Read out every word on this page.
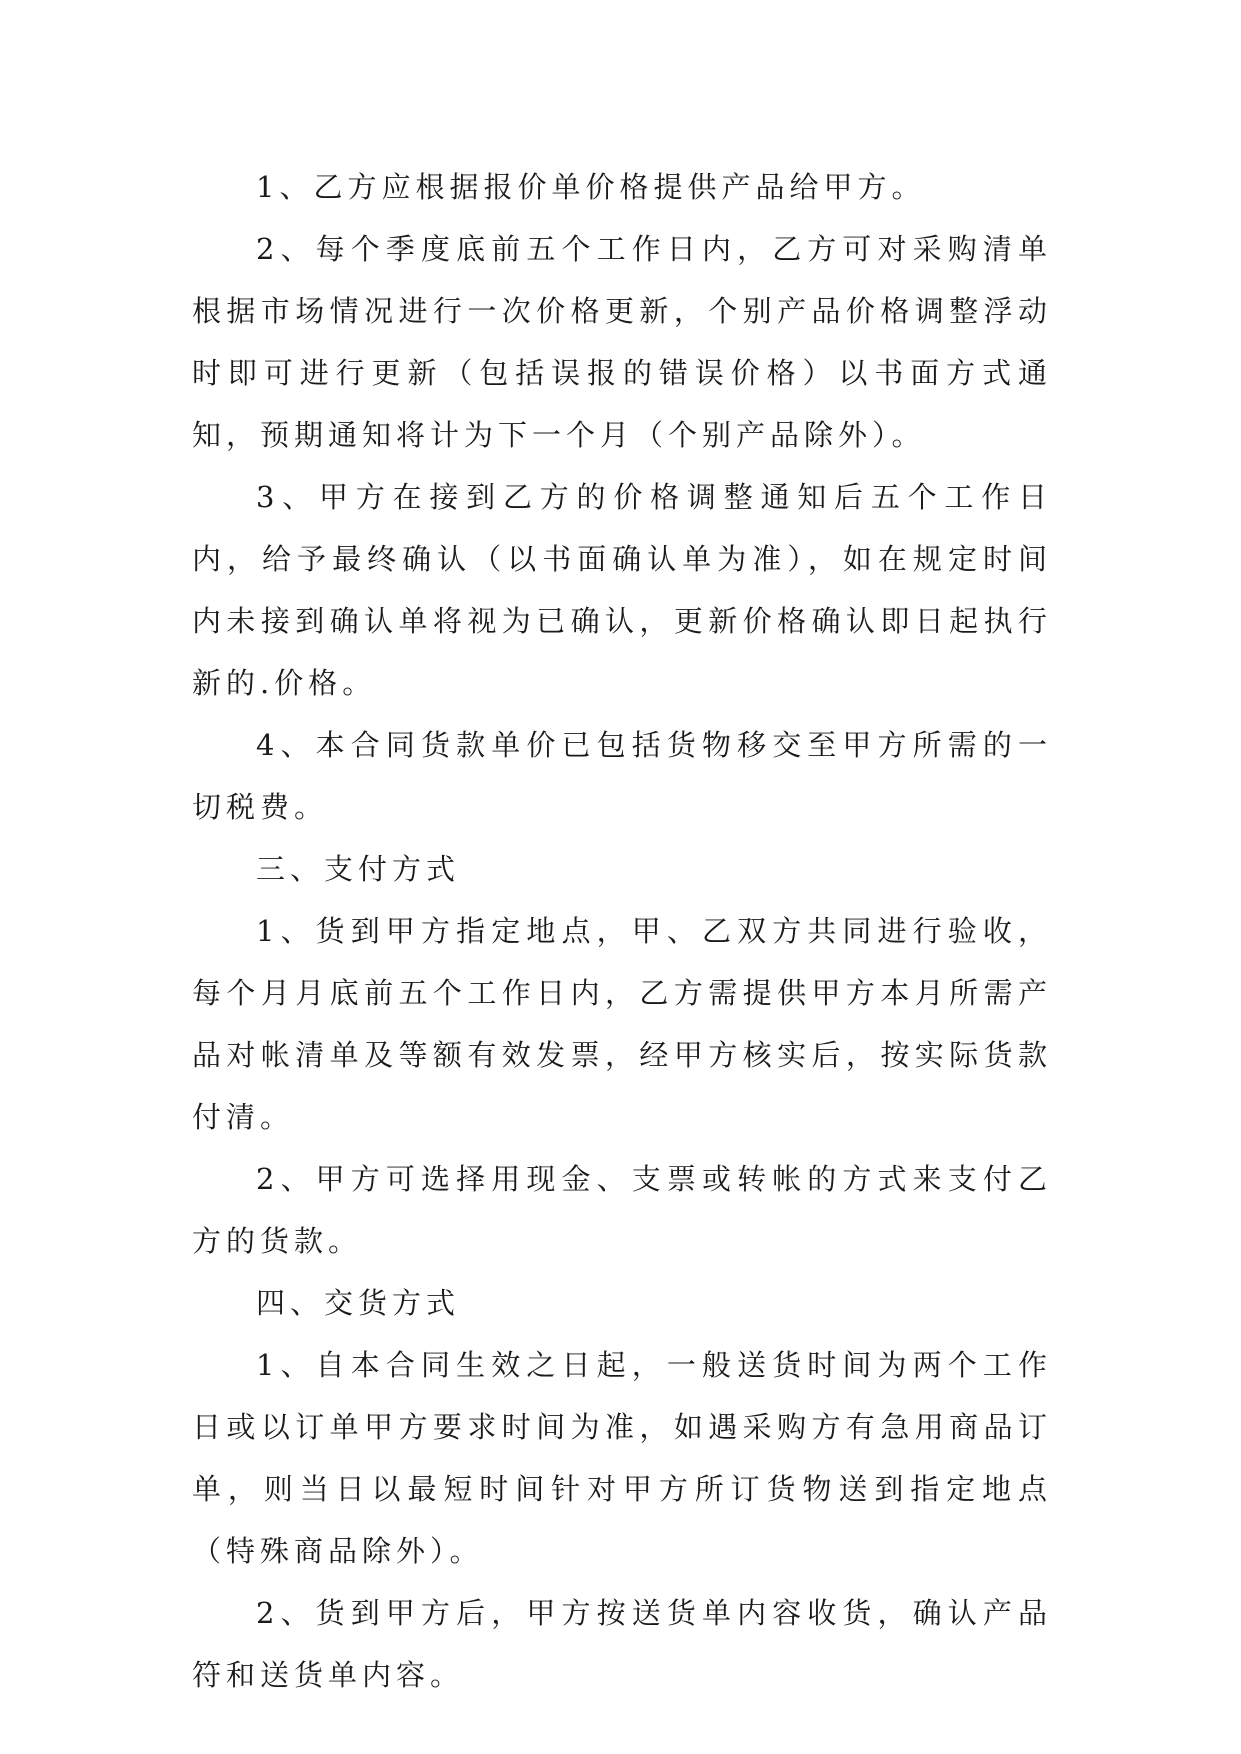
1、乙方应根据报价单价格提供产品给甲方。

2、每个季度底前五个工作日内，乙方可对采购清单根据市场情况进行一次价格更新，个别产品价格调整浮动时即可进行更新（包括误报的错误价格）以书面方式通知，预期通知将计为下一个月（个别产品除外）。

3、甲方在接到乙方的价格调整通知后五个工作日内，给予最终确认（以书面确认单为准），如在规定时间内未接到确认单将视为已确认，更新价格确认即日起执行新的.价格。

4、本合同货款单价已包括货物移交至甲方所需的一切税费。

三、支付方式

1、货到甲方指定地点，甲、乙双方共同进行验收，每个月月底前五个工作日内，乙方需提供甲方本月所需产品对帐清单及等额有效发票，经甲方核实后，按实际货款付清。

2、甲方可选择用现金、支票或转帐的方式来支付乙方的货款。

四、交货方式

1、自本合同生效之日起，一般送货时间为两个工作日或以订单甲方要求时间为准，如遇采购方有急用商品订单，则当日以最短时间针对甲方所订货物送到指定地点（特殊商品除外）。

2、货到甲方后，甲方按送货单内容收货，确认产品符和送货单内容。
